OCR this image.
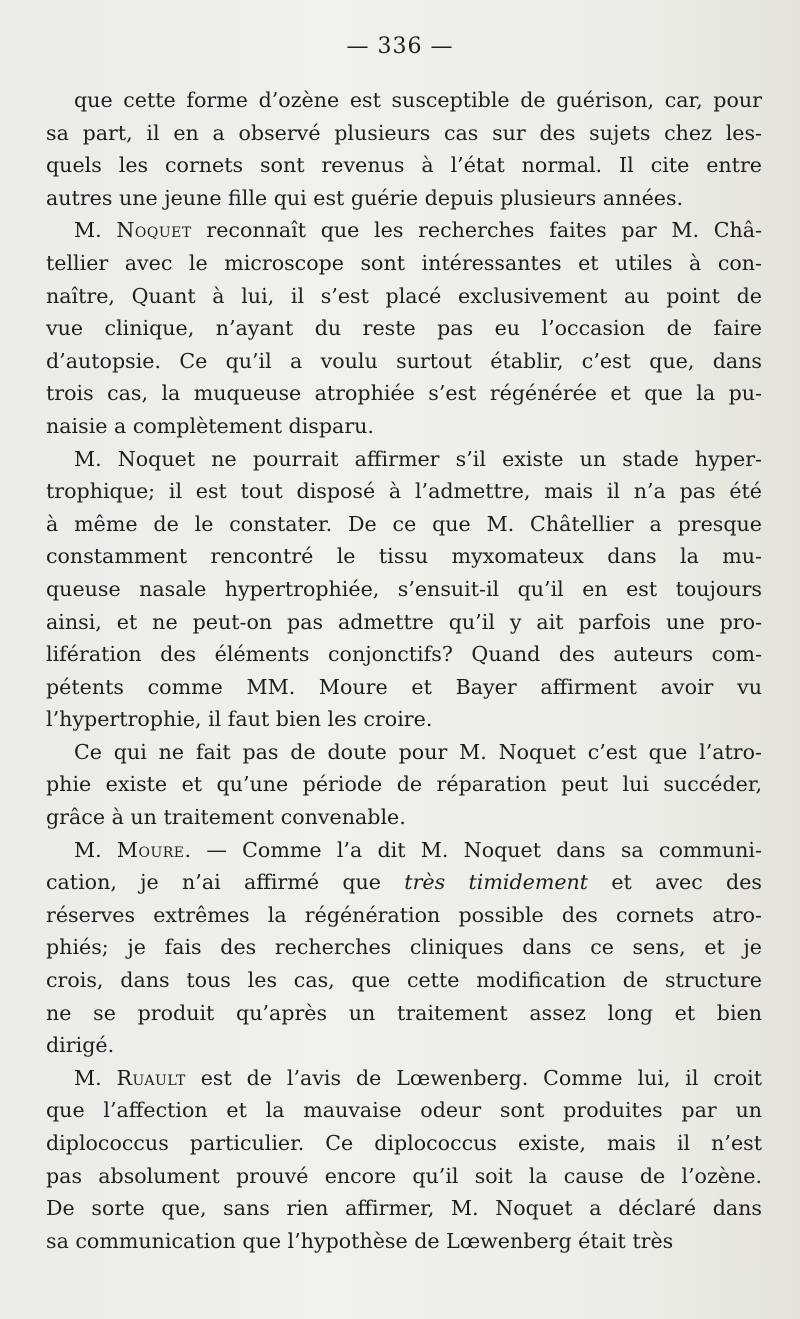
— 336 —
que cette forme d’ozène est susceptible de guérison, car, pour
sa part, il en a observé plusieurs cas sur des sujets chez les-
quels les cornets sont revenus à l’état normal. Il cite entre
autres une jeune fille qui est guérie depuis plusieurs années.
M. Noquet reconnaît que les recherches faites par M. Châ-
tellier avec le microscope sont intéressantes et utiles à con-
naître, Quant à lui, il s’est placé exclusivement au point de
vue clinique, n’ayant du reste pas eu l’occasion de faire
d’autopsie. Ce qu’il a voulu surtout établir, c’est que, dans
trois cas, la muqueuse atrophiée s’est régénérée et que la pu-
naisie a complètement disparu.
M. Noquet ne pourrait affirmer s’il existe un stade hyper-
trophique; il est tout disposé à l’admettre, mais il n’a pas été
à même de le constater. De ce que M. Châtellier a presque
constamment rencontré le tissu myxomateux dans la mu-
queuse nasale hypertrophiée, s’ensuit-il qu’il en est toujours
ainsi, et ne peut-on pas admettre qu’il y ait parfois une pro-
lifération des éléments conjonctifs? Quand des auteurs com-
pétents comme MM. Moure et Bayer affirment avoir vu
l’hypertrophie, il faut bien les croire.
Ce qui ne fait pas de doute pour M. Noquet c’est que l’atro-
phie existe et qu’une période de réparation peut lui succéder,
grâce à un traitement convenable.
M. Moure. — Comme l’a dit M. Noquet dans sa communi-
cation, je n’ai affirmé que très timidement et avec des
réserves extrêmes la régénération possible des cornets atro-
phiés; je fais des recherches cliniques dans ce sens, et je
crois, dans tous les cas, que cette modification de structure
ne se produit qu’après un traitement assez long et bien
dirigé.
M. Ruault est de l’avis de Lœwenberg. Comme lui, il croit
que l’affection et la mauvaise odeur sont produites par un
diplococcus particulier. Ce diplococcus existe, mais il n’est
pas absolument prouvé encore qu’il soit la cause de l’ozène.
De sorte que, sans rien affirmer, M. Noquet a déclaré dans
sa communication que l’hypothèse de Lœwenberg était très
